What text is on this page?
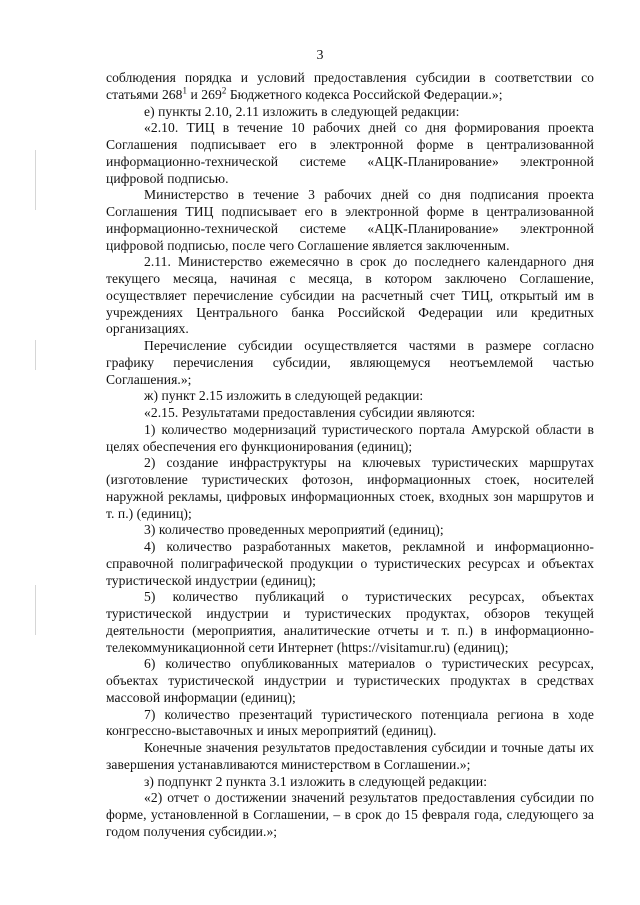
3

соблюдения порядка и условий предоставления субсидии в соответствии со статьями $268^1$ и $269^2$ Бюджетного кодекса Российской Федерации.»;

е) пункты 2.10, 2.11 изложить в следующей редакции:

«2.10. ТИЦ в течение 10 рабочих дней со дня формирования проекта Соглашения подписывает его в электронной форме в централизованной информационно-технической системе «АЦК-Планирование» электронной цифровой подписью.

Министерство в течение 3 рабочих дней со дня подписания проекта Соглашения ТИЦ подписывает его в электронной форме в централизованной информационно-технической системе «АЦК-Планирование» электронной цифровой подписью, после чего Соглашение является заключенным.

2.11. Министерство ежемесячно в срок до последнего календарного дня текущего месяца, начиная с месяца, в котором заключено Соглашение, осуществляет перечисление субсидии на расчетный счет ТИЦ, открытый им в учреждениях Центрального банка Российской Федерации или кредитных организациях.

Перечисление субсидии осуществляется частями в размере согласно графику перечисления субсидии, являющемуся неотъемлемой частью Соглашения.»;

ж) пункт 2.15 изложить в следующей редакции:

«2.15. Результатами предоставления субсидии являются:

1) количество модернизаций туристического портала Амурской области в целях обеспечения его функционирования (единиц);

2) создание инфраструктуры на ключевых туристических маршрутах (изготовление туристических фотозон, информационных стоек, носителей наружной рекламы, цифровых информационных стоек, входных зон маршрутов и т. п.) (единиц);

3) количество проведенных мероприятий (единиц);

4) количество разработанных макетов, рекламной и информационно-справочной полиграфической продукции о туристических ресурсах и объектах туристической индустрии (единиц);

5) количество публикаций о туристических ресурсах, объектах туристической индустрии и туристических продуктах, обзоров текущей деятельности (мероприятия, аналитические отчеты и т. п.) в информационно-телекоммуникационной сети Интернет (https://visitamur.ru) (единиц);

6) количество опубликованных материалов о туристических ресурсах, объектах туристической индустрии и туристических продуктах в средствах массовой информации (единиц);

7) количество презентаций туристического потенциала региона в ходе конгрессно-выставочных и иных мероприятий (единиц).

Конечные значения результатов предоставления субсидии и точные даты их завершения устанавливаются министерством в Соглашении.»;

з) подпункт 2 пункта 3.1 изложить в следующей редакции:

«2) отчет о достижении значений результатов предоставления субсидии по форме, установленной в Соглашении, – в срок до 15 февраля года, следующего за годом получения субсидии.»;
